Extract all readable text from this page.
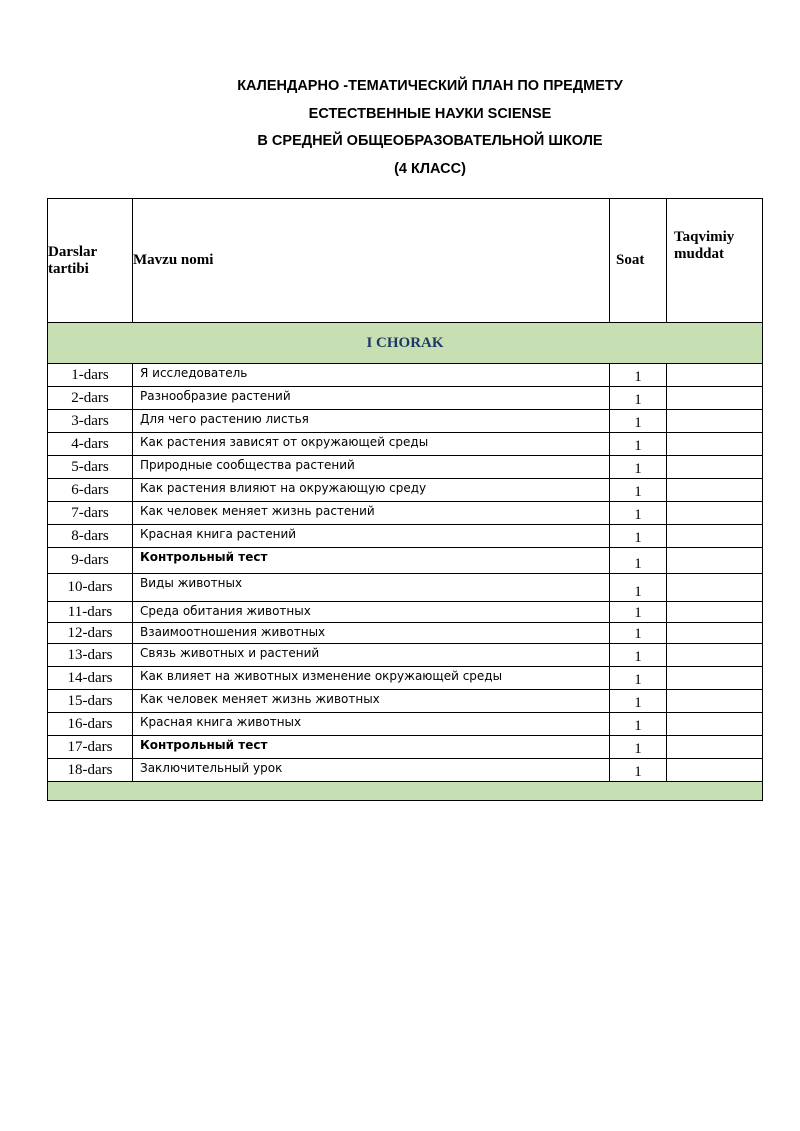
КАЛЕНДАРНО -ТЕМАТИЧЕСКИЙ ПЛАН ПО ПРЕДМЕТУ
ЕСТЕСТВЕННЫЕ НАУКИ SCIENSE
В СРЕДНЕЙ ОБЩЕОБРАЗОВАТЕЛЬНОЙ ШКОЛЕ
(4 КЛАСС)
Darslar tartibi	Mavzu nomi	Soat	Taqvimiy muddat
I CHORAK			
1-dars	Я исследователь	1	
2-dars	Разнообразие растений	1	
3-dars	Для чего растению листья	1	
4-dars	Как растения зависят от окружающей среды	1	
5-dars	Природные сообщества растений	1	
6-dars	Как растения влияют на окружающую среду	1	
7-dars	Как человек меняет жизнь растений	1	
8-dars	Красная книга растений	1	
9-dars	Контрольный тест	1	
10-dars	Виды животных	1	
11-dars	Среда обитания животных	1	
12-dars	Взаимоотношения животных	1	
13-dars	Связь животных и растений	1	
14-dars	Как влияет на животных изменение окружающей среды	1	
15-dars	Как человек меняет жизнь животных	1	
16-dars	Красная книга животных	1	
17-dars	Контрольный тест	1	
18-dars	Заключительный урок	1	
